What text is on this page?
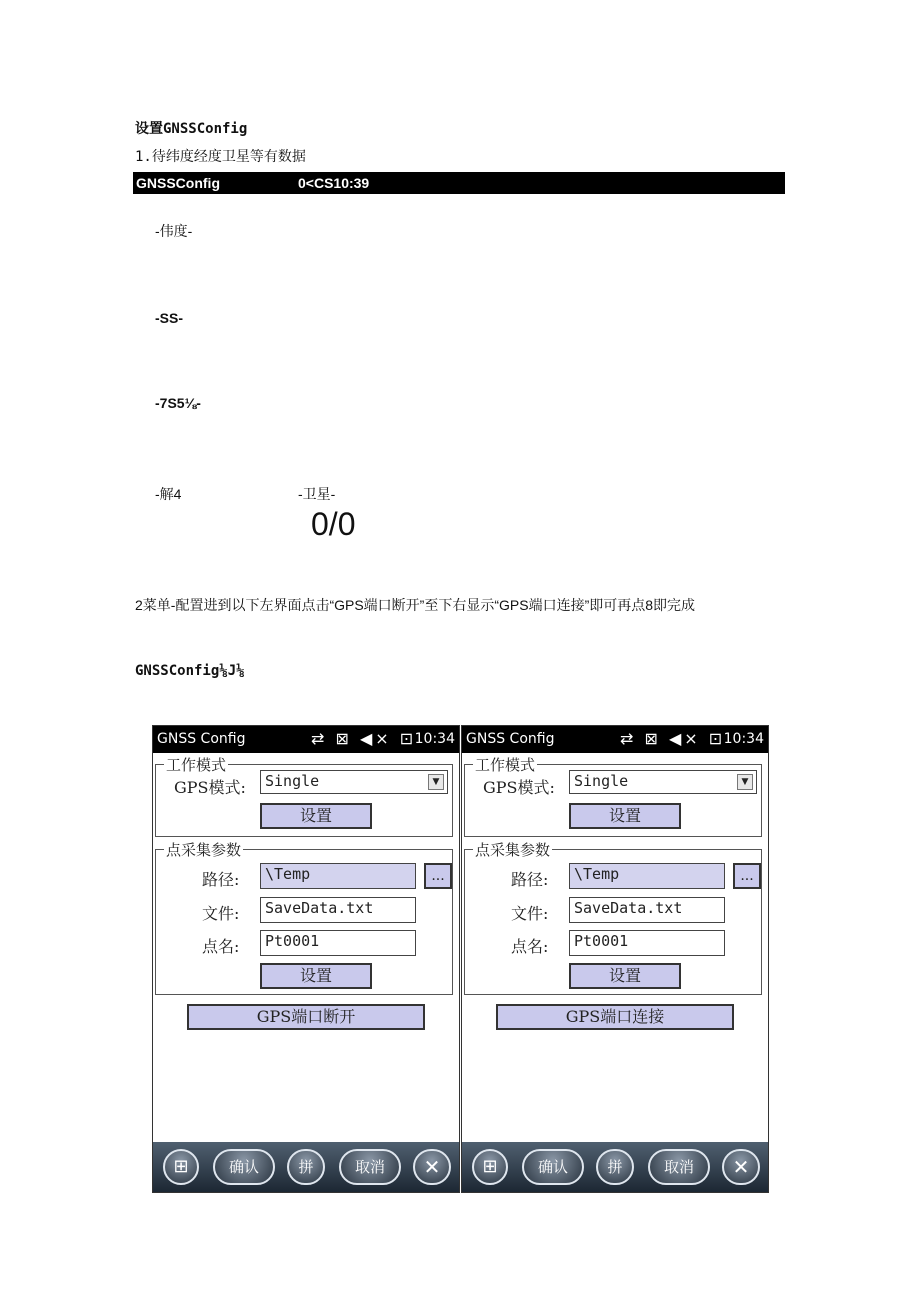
设置GNSSConfig
1.待纬度经度卫星等有数据
GNSSConfig	0<CS10:39
-伟度-
-SS-
-7S5⅛-
-解4	-卫星-
0/0
2菜单-配置进到以下左界面点击“GPS端口断开”至下右显示“GPS端口连接”即可再点8即完成
GNSSConfig⅛J⅛
GNSS Config	⇄ ⊠ ◀× ⊡
10:34
工作模式
GPS模式:	Single	▼
设置
点采集参数
路径:	\Temp	...
文件:	SaveData.txt
点名:	Pt0001
设置
GPS端口断开
⊞	确认	拼	取消	✕
GNSS Config	⇄ ⊠ ◀× ⊡
10:34
工作模式
GPS模式:	Single	▼
设置
点采集参数
路径:	\Temp	...
文件:	SaveData.txt
点名:	Pt0001
设置
GPS端口连接
⊞	确认	拼	取消	✕
